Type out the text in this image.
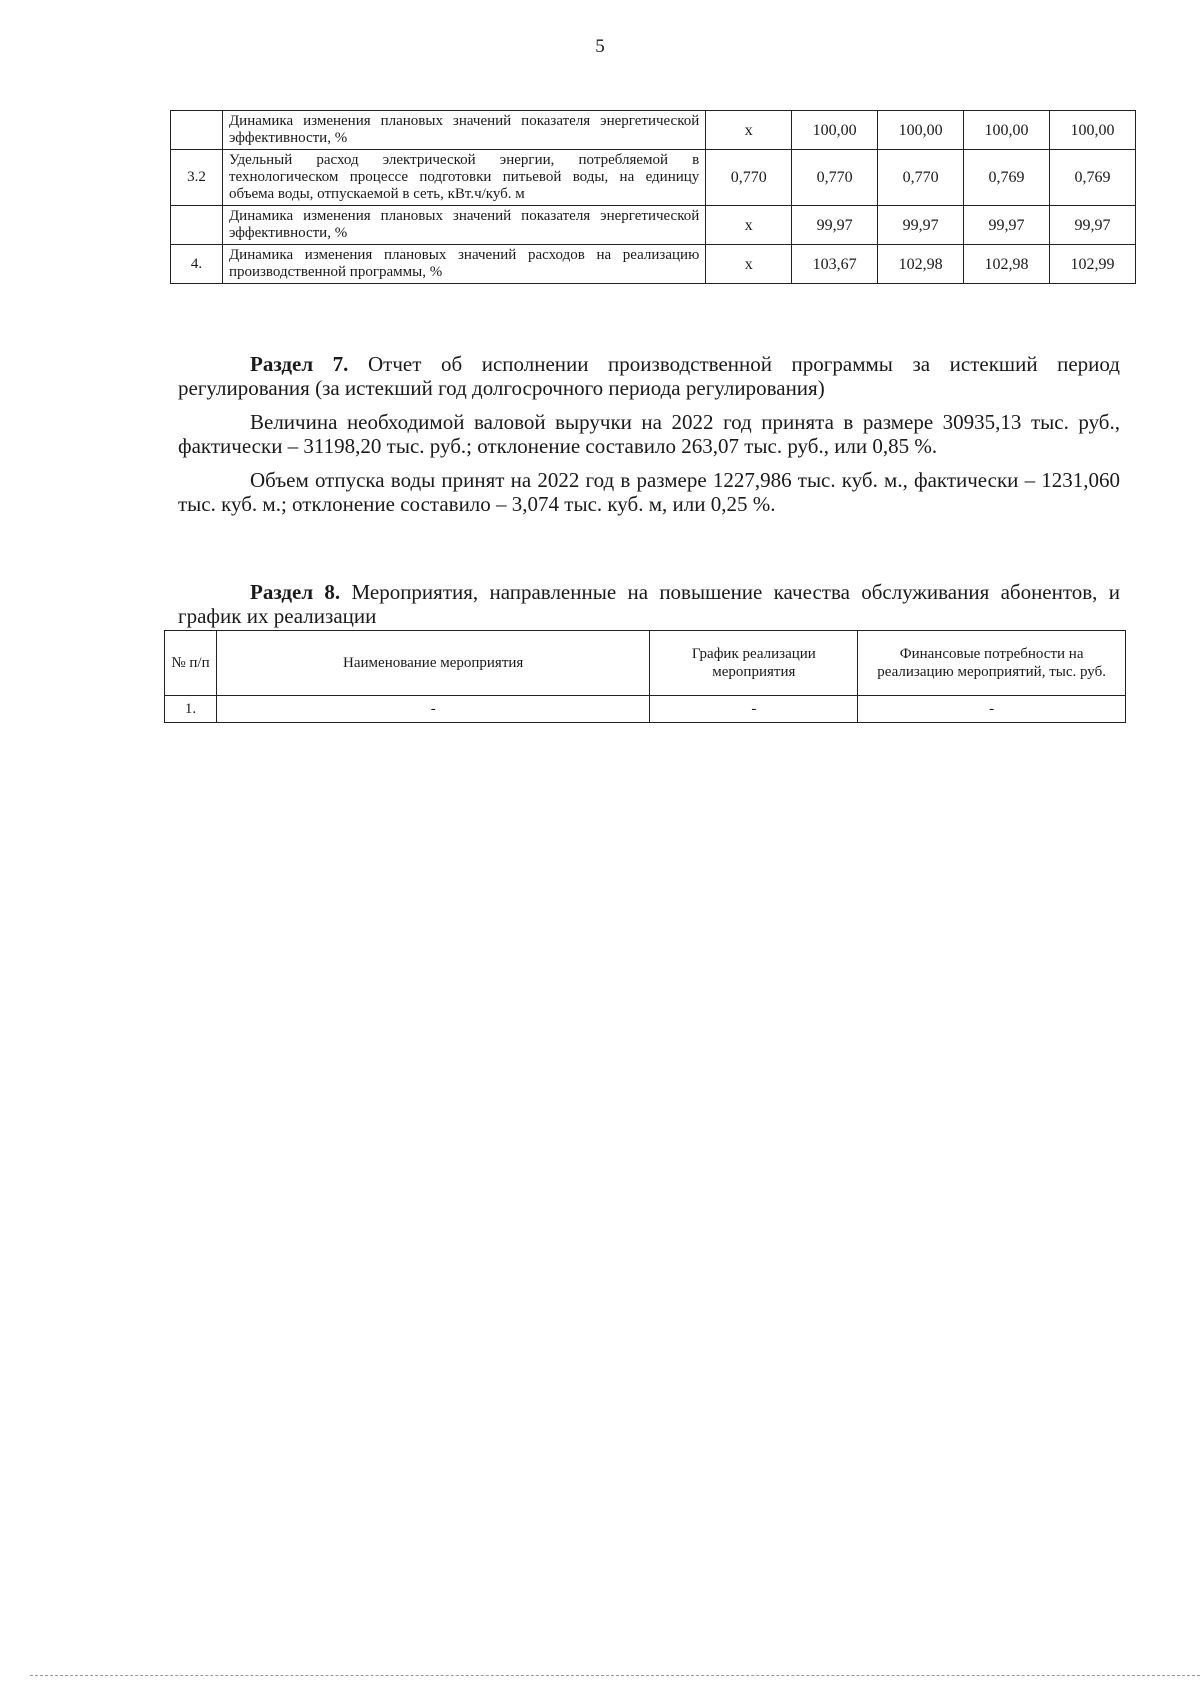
5
	Динамика изменения плановых значений показателя энергетической эффективности, %	x	100,00	100,00	100,00	100,00
3.2	Удельный расход электрической энергии, потребляемой в технологическом процессе подготовки питьевой воды, на единицу объема воды, отпускаемой в сеть, кВт.ч/куб. м	0,770	0,770	0,770	0,769	0,769
	Динамика изменения плановых значений показателя энергетической эффективности, %	x	99,97	99,97	99,97	99,97
4.	Динамика изменения плановых значений расходов на реализацию производственной программы, %	x	103,67	102,98	102,98	102,99

Раздел 7. Отчет об исполнении производственной программы за истекший период регулирования (за истекший год долгосрочного периода регулирования)

Величина необходимой валовой выручки на 2022 год принята в размере 30935,13 тыс. руб., фактически – 31198,20 тыс. руб.; отклонение составило 263,07 тыс. руб., или 0,85 %.

Объем отпуска воды принят на 2022 год в размере 1227,986 тыс. куб. м., фактически – 1231,060 тыс. куб. м.; отклонение составило – 3,074 тыс. куб. м, или 0,25 %.

Раздел 8. Мероприятия, направленные на повышение качества обслуживания абонентов, и график их реализации

№ п/п	Наименование мероприятия	График реализации мероприятия	Финансовые потребности на реализацию мероприятий, тыс. руб.
1.	-	-	-
